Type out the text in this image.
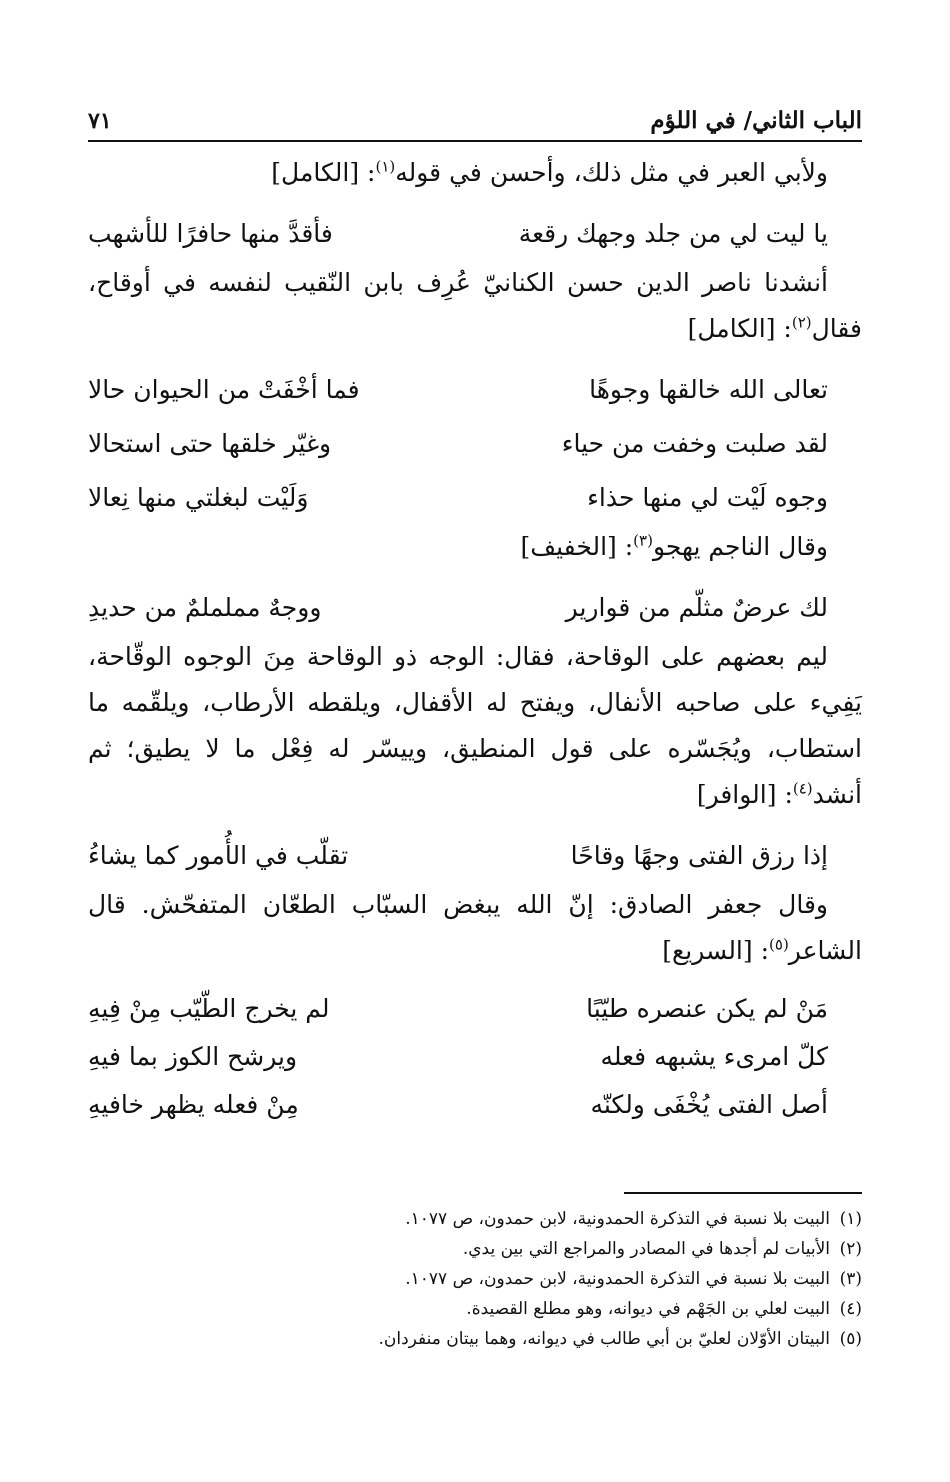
الباب الثاني/ في اللؤم
٧١

ولأبي العبر في مثل ذلك، وأحسن في قوله$^{(١)}$: [الكامل]

يا ليت لي من جلد وجهك رقعة
فأقدَّ منها حافرًا للأشهب

أنشدنا ناصر الدين حسن الكنانيّ عُرِف بابن النّقيب لنفسه في أوقاح، فقال$^{(٢)}$: [الكامل]

تعالى الله خالقها وجوهًا
فما أخْفَتْ من الحيوان حالا
لقد صلبت وخفت من حياء
وغيّر خلقها حتى استحالا
وجوه لَيْت لي منها حذاء
وَلَيْت لبغلتي منها نِعالا

وقال الناجم يهجو$^{(٣)}$: [الخفيف]

لك عرضٌ مثلّم من قوارير
ووجهٌ مململمٌ من حديدِ

ليم بعضهم على الوقاحة، فقال: الوجه ذو الوقاحة مِنَ الوجوه الوقّاحة، يَفِيء على صاحبه الأنفال، ويفتح له الأقفال، ويلقطه الأرطاب، ويلقّمه ما استطاب، ويُجَسّره على قول المنطيق، وييسّر له فِعْل ما لا يطيق؛ ثم أنشد$^{(٤)}$: [الوافر]

إذا رزق الفتى وجهًا وقاحًا
تقلّب في الأُمور كما يشاءُ

وقال جعفر الصادق: إنّ الله يبغض السبّاب الطعّان المتفحّش. قال الشاعر$^{(٥)}$: [السريع]

مَنْ لم يكن عنصره طيّبًا
لم يخرج الطّيّب مِنْ فِيهِ
كلّ امرىء يشبهه فعله
ويرشح الكوز بما فيهِ
أصل الفتى يُخْفَى ولكنّه
مِنْ فعله يظهر خافيهِ

(١)البيت بلا نسبة في التذكرة الحمدونية، لابن حمدون، ص ١٠٧٧.

(٢)الأبيات لم أجدها في المصادر والمراجع التي بين يدي.

(٣)البيت بلا نسبة في التذكرة الحمدونية، لابن حمدون، ص ١٠٧٧.

(٤)البيت لعلي بن الجَهْم في ديوانه، وهو مطلع القصيدة.

(٥)البيتان الأوّلان لعليّ بن أبي طالب في ديوانه، وهما بيتان منفردان.
